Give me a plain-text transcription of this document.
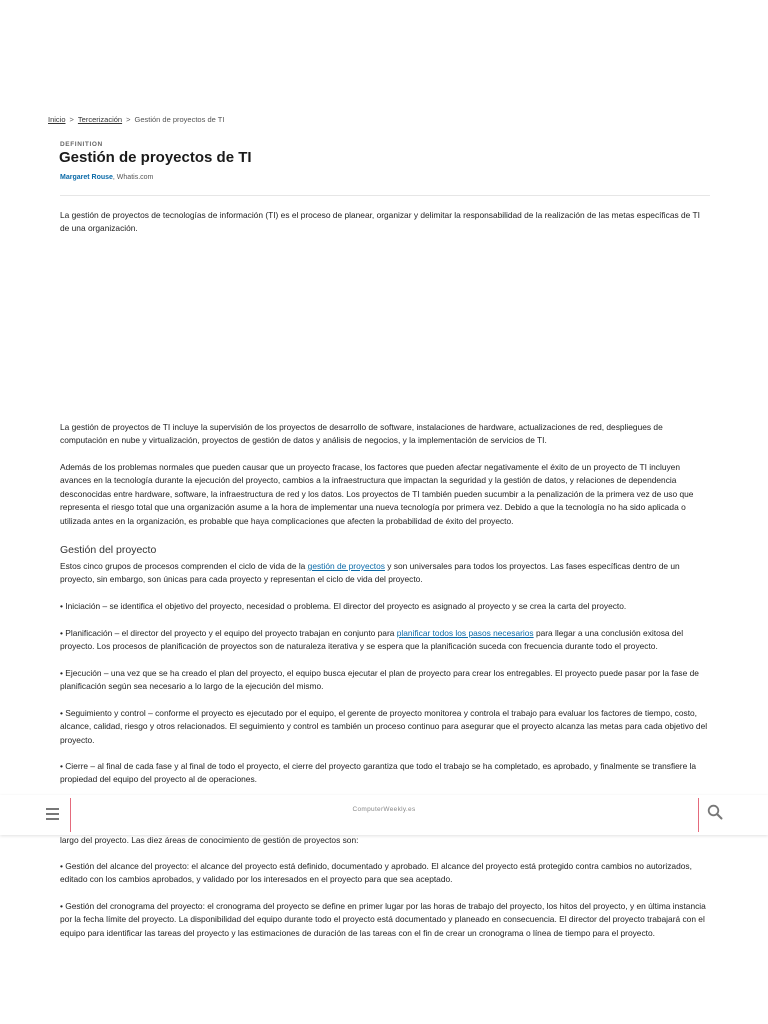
Inicio > Tercerización > Gestión de proyectos de TI
DEFINITION
Gestión de proyectos de TI
Margaret Rouse, Whatis.com

La gestión de proyectos de tecnologías de información (TI) es el proceso de planear, organizar y delimitar la responsabilidad de la realización de las metas específicas de TI de una organización.

La gestión de proyectos de TI incluye la supervisión de los proyectos de desarrollo de software, instalaciones de hardware, actualizaciones de red, despliegues de computación en nube y virtualización, proyectos de gestión de datos y análisis de negocios, y la implementación de servicios de TI.

Además de los problemas normales que pueden causar que un proyecto fracase, los factores que pueden afectar negativamente el éxito de un proyecto de TI incluyen avances en la tecnología durante la ejecución del proyecto, cambios a la infraestructura que impactan la seguridad y la gestión de datos, y relaciones de dependencia desconocidas entre hardware, software, la infraestructura de red y los datos. Los proyectos de TI también pueden sucumbir a la penalización de la primera vez de uso que representa el riesgo total que una organización asume a la hora de implementar una nueva tecnología por primera vez. Debido a que la tecnología no ha sido aplicada o utilizada antes en la organización, es probable que haya complicaciones que afecten la probabilidad de éxito del proyecto.

Gestión del proyecto

Estos cinco grupos de procesos comprenden el ciclo de vida de la gestión de proyectos y son universales para todos los proyectos. Las fases específicas dentro de un proyecto, sin embargo, son únicas para cada proyecto y representan el ciclo de vida del proyecto.

• Iniciación – se identifica el objetivo del proyecto, necesidad o problema. El director del proyecto es asignado al proyecto y se crea la carta del proyecto.

• Planificación – el director del proyecto y el equipo del proyecto trabajan en conjunto para planificar todos los pasos necesarios para llegar a una conclusión exitosa del proyecto. Los procesos de planificación de proyectos son de naturaleza iterativa y se espera que la planificación suceda con frecuencia durante todo el proyecto.

• Ejecución – una vez que se ha creado el plan del proyecto, el equipo busca ejecutar el plan de proyecto para crear los entregables. El proyecto puede pasar por la fase de planificación según sea necesario a lo largo de la ejecución del mismo.

• Seguimiento y control – conforme el proyecto es ejecutado por el equipo, el gerente de proyecto monitorea y controla el trabajo para evaluar los factores de tiempo, costo, alcance, calidad, riesgo y otros relacionados. El seguimiento y control es también un proceso continuo para asegurar que el proyecto alcanza las metas para cada objetivo del proyecto.

• Cierre – al final de cada fase y al final de todo el proyecto, el cierre del proyecto garantiza que todo el trabajo se ha completado, es aprobado, y finalmente se transfiere la propiedad del equipo del proyecto al de operaciones.

ComputerWeekly.es

largo del proyecto. Las diez áreas de conocimiento de gestión de proyectos son:

• Gestión del alcance del proyecto: el alcance del proyecto está definido, documentado y aprobado. El alcance del proyecto está protegido contra cambios no autorizados, editado con los cambios aprobados, y validado por los interesados en el proyecto para que sea aceptado.

• Gestión del cronograma del proyecto: el cronograma del proyecto se define en primer lugar por las horas de trabajo del proyecto, los hitos del proyecto, y en última instancia por la fecha límite del proyecto. La disponibilidad del equipo durante todo el proyecto está documentado y planeado en consecuencia. El director del proyecto trabajará con el equipo para identificar las tareas del proyecto y las estimaciones de duración de las tareas con el fin de crear un cronograma o línea de tiempo para el proyecto.
